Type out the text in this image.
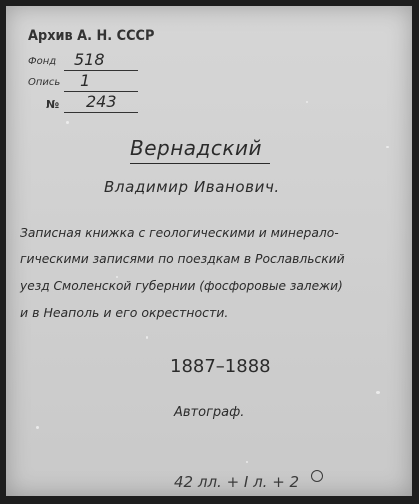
Архив А. Н. СССР
Фонд 518
Опись 1
№ 243
Вернадский
Владимир Иванович.
Записная книжка с геологическими и минерало-
гическими записями по поездкам в Рославльский
уезд Смоленской губернии (фосфоровые залежи)
и в Неаполь и его окрестности.
1887–1888
Автограф.
42 лл. + I л. + 2
